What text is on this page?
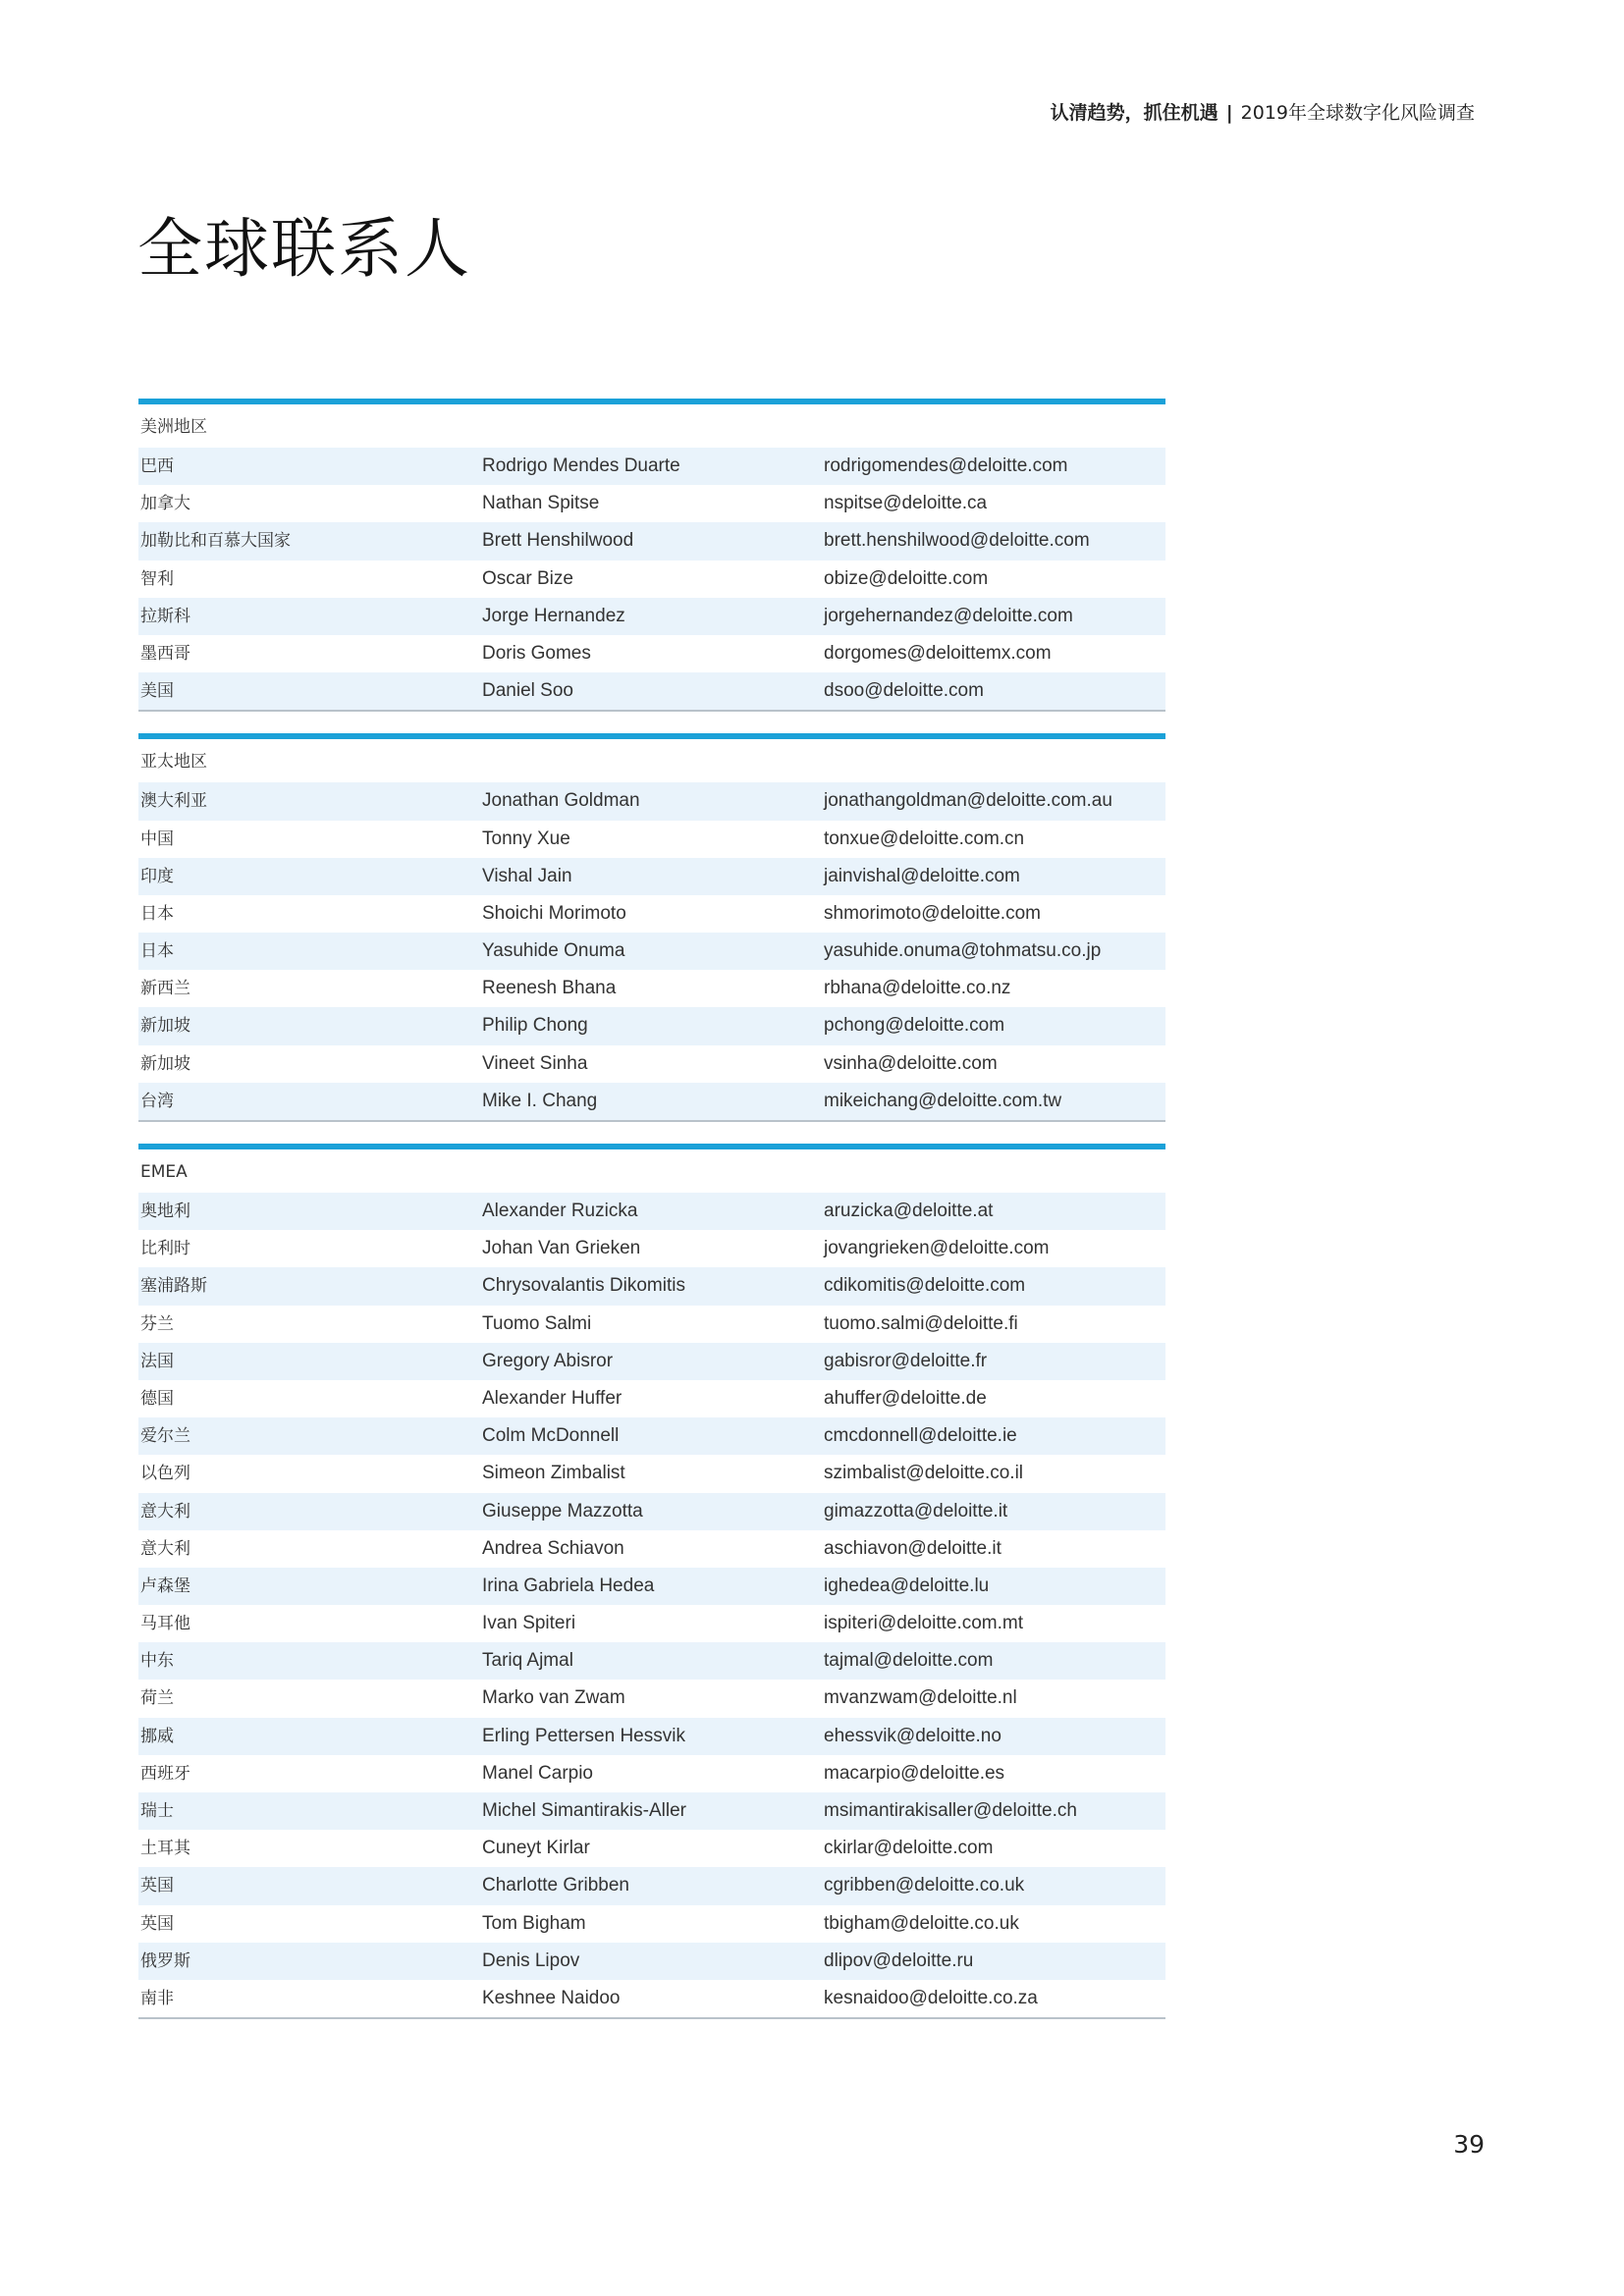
认清趋势，抓住机遇 | 2019年全球数字化风险调查
全球联系人
美洲地区
巴西	Rodrigo Mendes Duarte	rodrigomendes@deloitte.com
加拿大	Nathan Spitse	nspitse@deloitte.ca
加勒比和百慕大国家	Brett Henshilwood	brett.henshilwood@deloitte.com
智利	Oscar Bize	obize@deloitte.com
拉斯科	Jorge Hernandez	jorgehernandez@deloitte.com
墨西哥	Doris Gomes	dorgomes@deloittemx.com
美国	Daniel Soo	dsoo@deloitte.com
亚太地区
澳大利亚	Jonathan Goldman	jonathangoldman@deloitte.com.au
中国	Tonny Xue	tonxue@deloitte.com.cn
印度	Vishal Jain	jainvishal@deloitte.com
日本	Shoichi Morimoto	shmorimoto@deloitte.com
日本	Yasuhide Onuma	yasuhide.onuma@tohmatsu.co.jp
新西兰	Reenesh Bhana	rbhana@deloitte.co.nz
新加坡	Philip Chong	pchong@deloitte.com
新加坡	Vineet Sinha	vsinha@deloitte.com
台湾	Mike I. Chang	mikeichang@deloitte.com.tw
EMEA
奥地利	Alexander Ruzicka	aruzicka@deloitte.at
比利时	Johan Van Grieken	jovangrieken@deloitte.com
塞浦路斯	Chrysovalantis Dikomitis	cdikomitis@deloitte.com
芬兰	Tuomo Salmi	tuomo.salmi@deloitte.fi
法国	Gregory Abisror	gabisror@deloitte.fr
德国	Alexander Huffer	ahuffer@deloitte.de
爱尔兰	Colm McDonnell	cmcdonnell@deloitte.ie
以色列	Simeon Zimbalist	szimbalist@deloitte.co.il
意大利	Giuseppe Mazzotta	gimazzotta@deloitte.it
意大利	Andrea Schiavon	aschiavon@deloitte.it
卢森堡	Irina Gabriela Hedea	ighedea@deloitte.lu
马耳他	Ivan Spiteri	ispiteri@deloitte.com.mt
中东	Tariq Ajmal	tajmal@deloitte.com
荷兰	Marko van Zwam	mvanzwam@deloitte.nl
挪威	Erling Pettersen Hessvik	ehessvik@deloitte.no
西班牙	Manel Carpio	macarpio@deloitte.es
瑞士	Michel Simantirakis-Aller	msimantirakisaller@deloitte.ch
土耳其	Cuneyt Kirlar	ckirlar@deloitte.com
英国	Charlotte Gribben	cgribben@deloitte.co.uk
英国	Tom Bigham	tbigham@deloitte.co.uk
俄罗斯	Denis Lipov	dlipov@deloitte.ru
南非	Keshnee Naidoo	kesnaidoo@deloitte.co.za
39
